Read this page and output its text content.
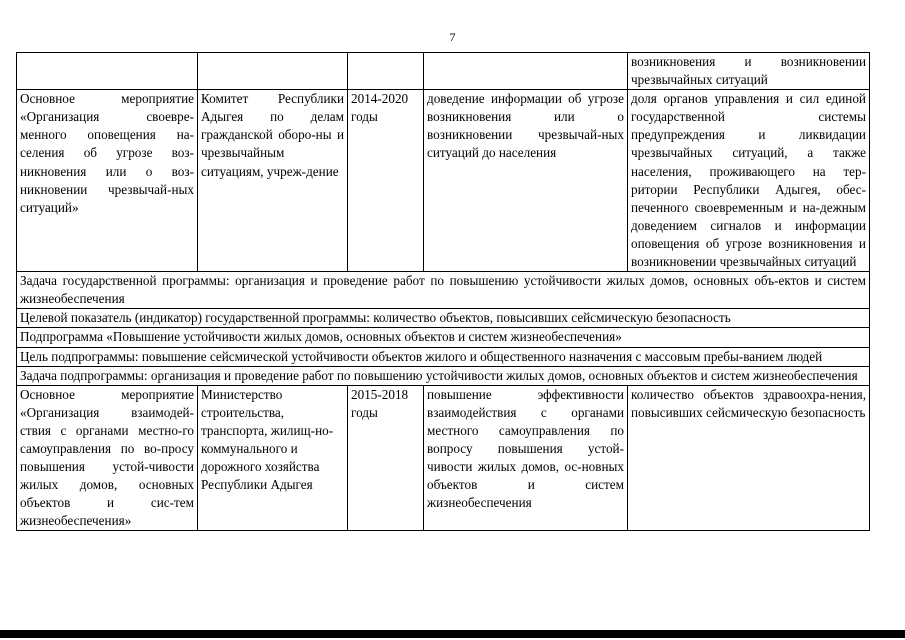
7
				возникновения и возникновении чрезвычайных ситуаций
Основное мероприятие «Организация своевре-менного оповещения на-селения об угрозе воз-никновения или о воз-никновении чрезвычай-ных ситуаций»	Комитет Республики Адыгея по делам гражданской оборо-ны и чрезвычайным ситуациям, учреж-дение	2014-2020 годы	доведение информации об угрозе возникновения или о возникновении чрезвычай-ных ситуаций до населения	доля органов управления и сил единой государственной системы предупреждения и ликвидации чрезвычайных ситуаций, а также населения, проживающего на тер-ритории Республики Адыгея, обес-печенного своевременным и на-дежным доведением сигналов и информации оповещения об угрозе возникновения и возникновении чрезвычайных ситуаций
Задача государственной программы: организация и проведение работ по повышению устойчивости жилых домов, основных объ-ектов и систем жизнеобеспечения				
Целевой показатель (индикатор) государственной программы: количество объектов, повысивших сейсмическую безопасность				
Подпрограмма «Повышение устойчивости жилых домов, основных объектов и систем жизнеобеспечения»				
Цель подпрограммы: повышение сейсмической устойчивости объектов жилого и общественного назначения с массовым пребы-ванием людей				
Задача подпрограммы: организация и проведение работ по повышению устойчивости жилых домов, основных объектов и систем жизнеобеспечения				
Основное мероприятие «Организация взаимодей-ствия с органами местно-го самоуправления по во-просу повышения устой-чивости жилых домов, основных объектов и сис-тем жизнеобеспечения»	Министерство строительства, транспорта, жилищ-но-коммунального и дорожного хозяйства Республики Адыгея	2015-2018 годы	повышение эффективности взаимодействия с органами местного самоуправления по вопросу повышения устой-чивости жилых домов, ос-новных объектов и систем жизнеобеспечения	количество объектов здравоохра-нения, повысивших сейсмическую безопасность
